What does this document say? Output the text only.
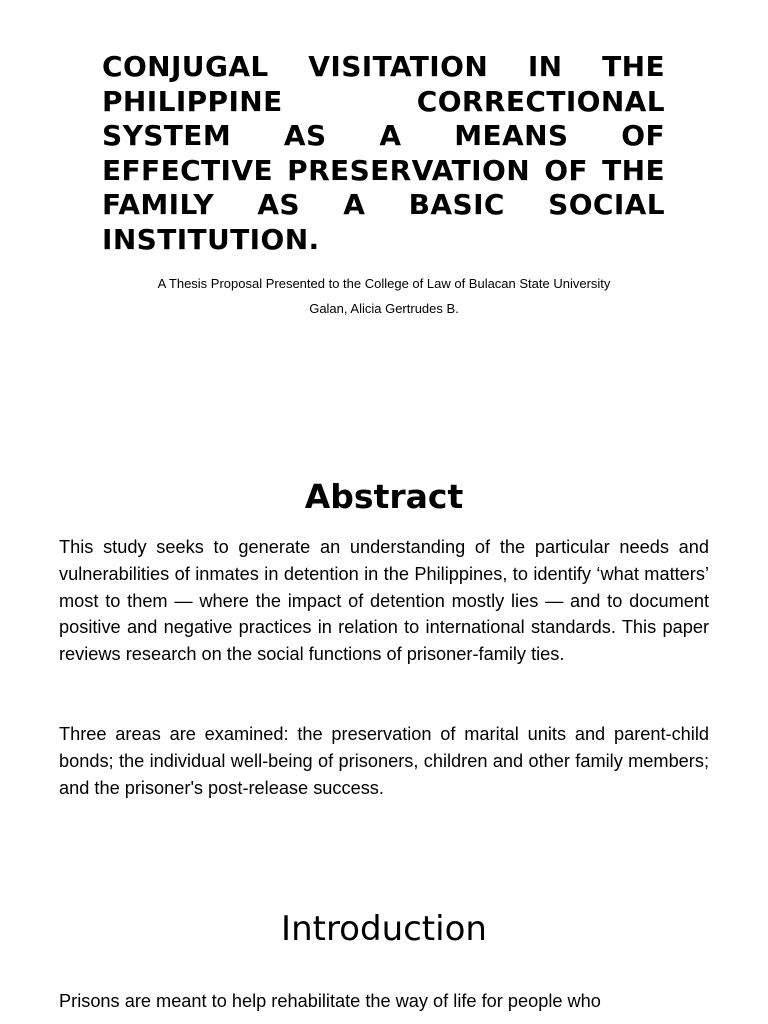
CONJUGAL VISITATION IN THE PHILIPPINE CORRECTIONAL SYSTEM AS A MEANS OF EFFECTIVE PRESERVATION OF THE FAMILY AS A BASIC SOCIAL INSTITUTION.

A Thesis Proposal Presented to the College of Law of Bulacan State University

Galan, Alicia Gertrudes B.

Abstract

This study seeks to generate an understanding of the particular needs and vulnerabilities of inmates in detention in the Philippines, to identify ‘what matters’ most to them — where the impact of detention mostly lies — and to document positive and negative practices in relation to international standards. This paper reviews research on the social functions of prisoner-family ties.

Three areas are examined: the preservation of marital units and parent-child bonds; the individual well-being of prisoners, children and other family members; and the prisoner's post-release success.

Introduction

Prisons are meant to help rehabilitate the way of life for people who
